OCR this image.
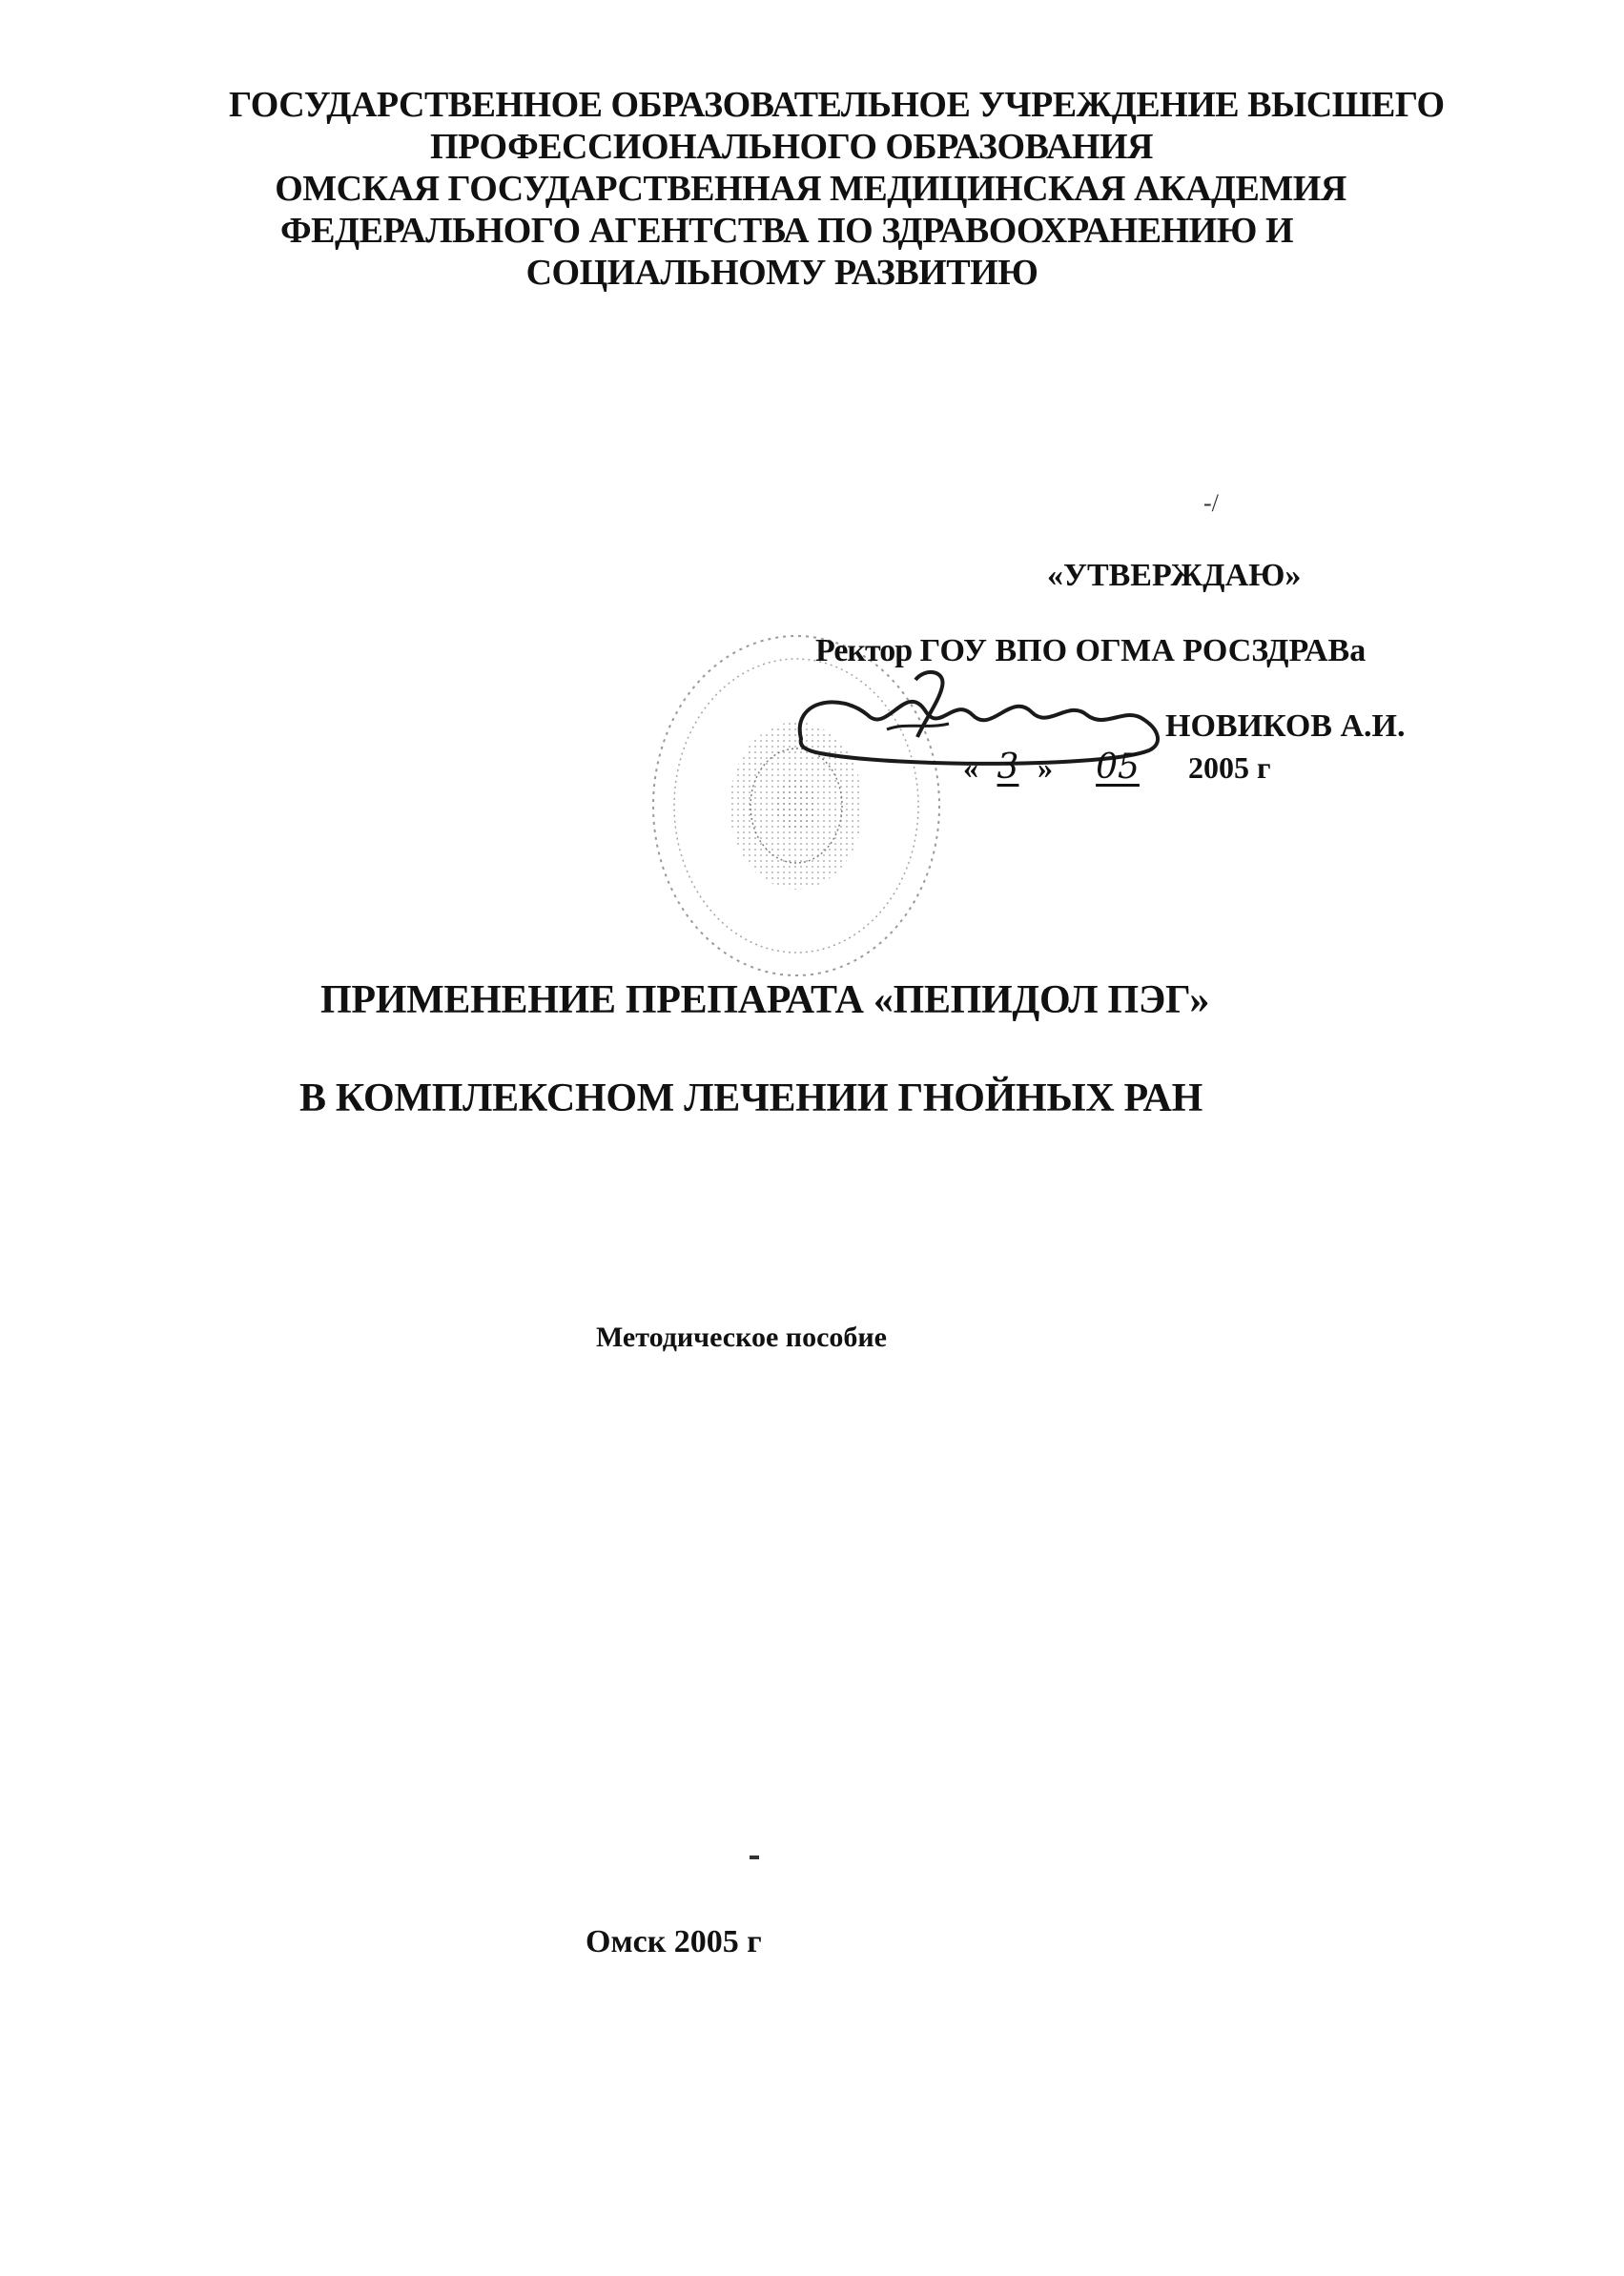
ГОСУДАРСТВЕННОЕ ОБРАЗОВАТЕЛЬНОЕ УЧРЕЖДЕНИЕ ВЫСШЕГО
ПРОФЕССИОНАЛЬНОГО ОБРАЗОВАНИЯ
ОМСКАЯ ГОСУДАРСТВЕННАЯ МЕДИЦИНСКАЯ АКАДЕМИЯ
ФЕДЕРАЛЬНОГО АГЕНТСТВА ПО ЗДРАВООХРАНЕНИЮ И
СОЦИАЛЬНОМУ РАЗВИТИЮ
-/
«УТВЕРЖДАЮ»
Ректор ГОУ ВПО ОГМА РОСЗДРАВа
НОВИКОВ А.И.
« 3 » 05 2005 г
ПРИМЕНЕНИЕ ПРЕПАРАТА «ПЕПИДОЛ ПЭГ»
В КОМПЛЕКСНОМ ЛЕЧЕНИИ ГНОЙНЫХ РАН
Методическое пособие
Омск 2005 г
